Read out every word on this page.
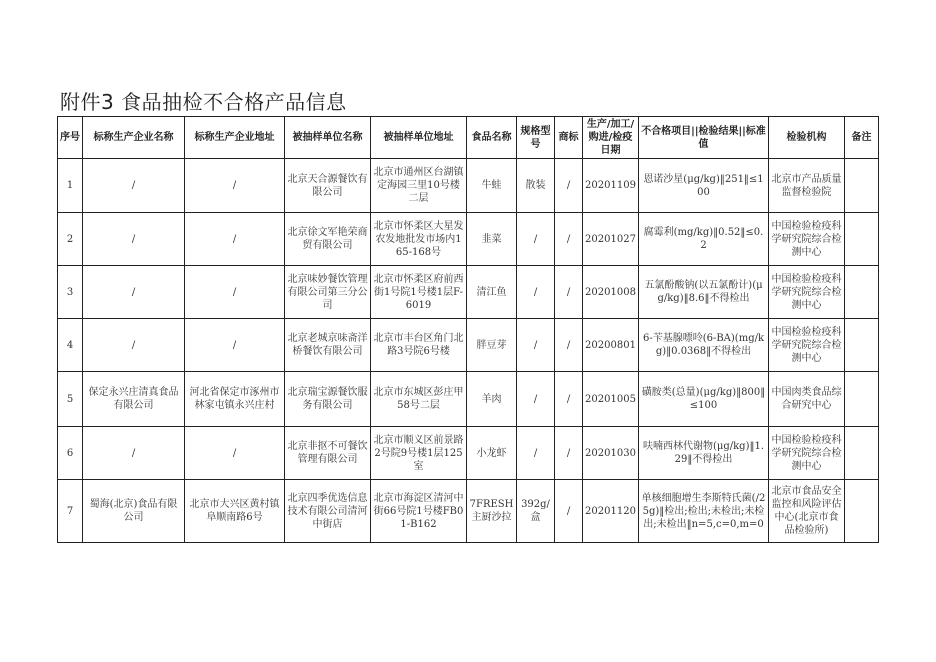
附件3 食品抽检不合格产品信息
序号	标称生产企业名称	标称生产企业地址	被抽样单位名称	被抽样单位地址	食品名称	规格型号	商标	生产/加工/购进/检疫日期	不合格项目||检验结果||标准值	检验机构	备注
1	/	/	北京天合源餐饮有限公司	北京市通州区台湖镇定海园三里10号楼二层	牛蛙	散装	/	20201109	恩诺沙星(μg/kg)‖251‖≤100	北京市产品质量监督检验院	
2	/	/	北京徐文军艳荣商贸有限公司	北京市怀柔区大星发农发地批发市场内165-168号	韭菜	/	/	20201027	腐霉利(mg/kg)‖0.52‖≤0.2	中国检验检疫科学研究院综合检测中心	
3	/	/	北京味妙餐饮管理有限公司第三分公司	北京市怀柔区府前西街1号院1号楼1层F-6019	清江鱼	/	/	20201008	五氯酚酸钠(以五氯酚计)(μg/kg)‖8.6‖不得检出	中国检验检疫科学研究院综合检测中心	
4	/	/	北京老城京味斋洋桥餐饮有限公司	北京市丰台区角门北路3号院6号楼	胖豆芽	/	/	20200801	6-苄基腺嘌呤(6-BA)(mg/kg)‖0.0368‖不得检出	中国检验检疫科学研究院综合检测中心	
5	保定永兴庄清真食品有限公司	河北省保定市涿州市林家屯镇永兴庄村	北京瑞宝源餐饮服务有限公司	北京市东城区彭庄甲58号二层	羊肉	/	/	20201005	磺胺类(总量)(μg/kg)‖800‖ ≤100	中国肉类食品综合研究中心	
6	/	/	北京非抠不可餐饮管理有限公司	北京市顺义区前景路2号院9号楼1层125室	小龙虾	/	/	20201030	呋喃西林代谢物(μg/kg)‖1.29‖不得检出	中国检验检疫科学研究院综合检测中心	
7	蜀海(北京)食品有限公司	北京市大兴区黄村镇阜顺南路6号	北京四季优选信息技术有限公司清河中街店	北京市海淀区清河中街66号院1号楼FB01-B162	7FRESH主厨沙拉	392g/盒	/	20201120	单核细胞增生李斯特氏菌(/25g)‖检出;检出;未检出;未检出;未检出‖n=5,c=0,m=0	北京市食品安全监控和风险评估中心(北京市食品检验所)	
